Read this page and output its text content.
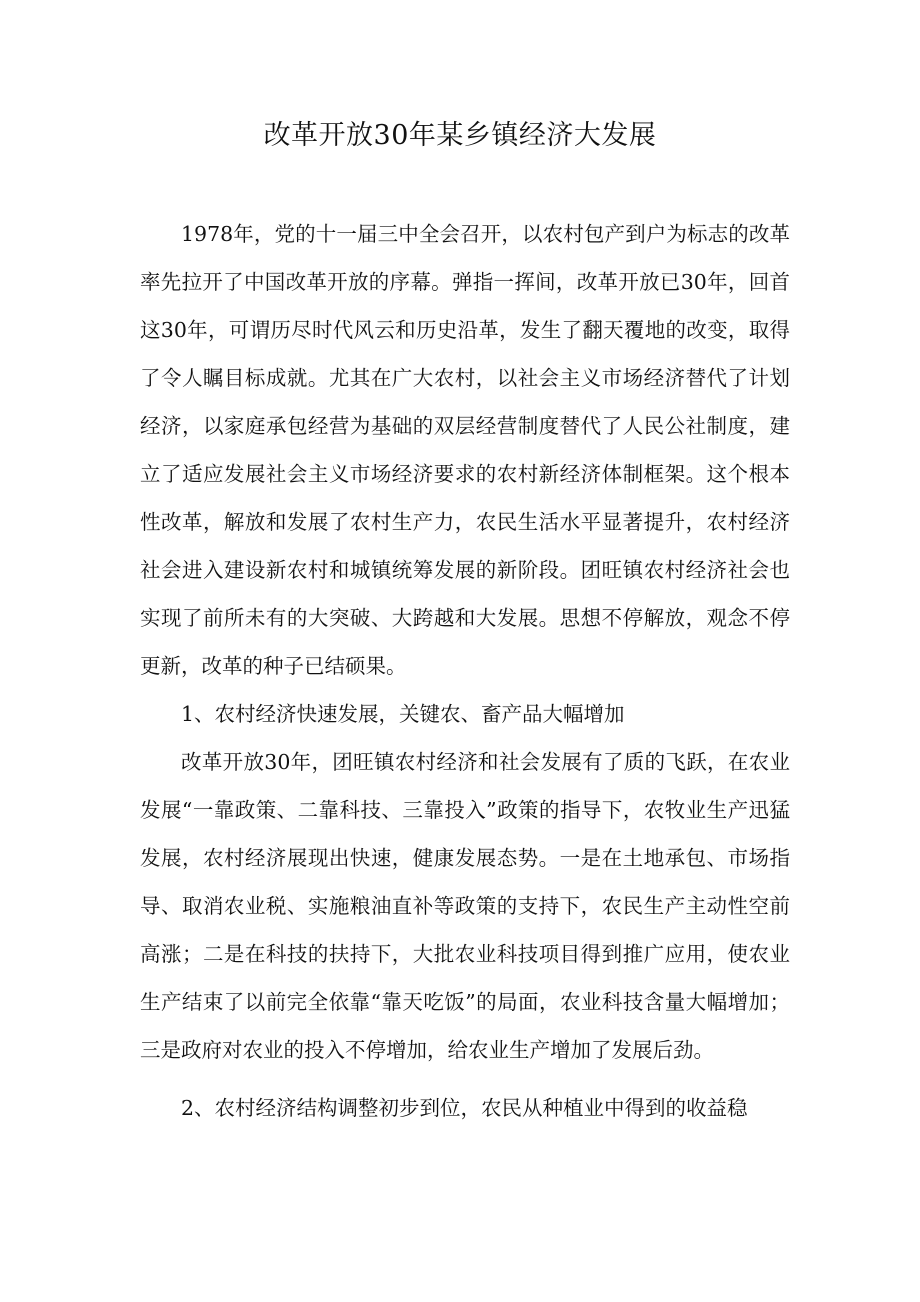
改革开放30年某乡镇经济大发展

1978年，党的十一届三中全会召开，以农村包产到户为标志的改革率先拉开了中国改革开放的序幕。弹指一挥间，改革开放已30年，回首这30年，可谓历尽时代风云和历史沿革，发生了翻天覆地的改变，取得了令人瞩目标成就。尤其在广大农村，以社会主义市场经济替代了计划经济，以家庭承包经营为基础的双层经营制度替代了人民公社制度，建立了适应发展社会主义市场经济要求的农村新经济体制框架。这个根本性改革，解放和发展了农村生产力，农民生活水平显著提升，农村经济社会进入建设新农村和城镇统筹发展的新阶段。团旺镇农村经济社会也实现了前所未有的大突破、大跨越和大发展。思想不停解放，观念不停更新，改革的种子已结硕果。

1、农村经济快速发展，关键农、畜产品大幅增加

改革开放30年，团旺镇农村经济和社会发展有了质的飞跃，在农业发展“一靠政策、二靠科技、三靠投入”政策的指导下，农牧业生产迅猛发展，农村经济展现出快速，健康发展态势。一是在土地承包、市场指导、取消农业税、实施粮油直补等政策的支持下，农民生产主动性空前高涨；二是在科技的扶持下，大批农业科技项目得到推广应用，使农业生产结束了以前完全依靠“靠天吃饭”的局面，农业科技含量大幅增加；三是政府对农业的投入不停增加，给农业生产增加了发展后劲。

2、农村经济结构调整初步到位，农民从种植业中得到的收益稳
